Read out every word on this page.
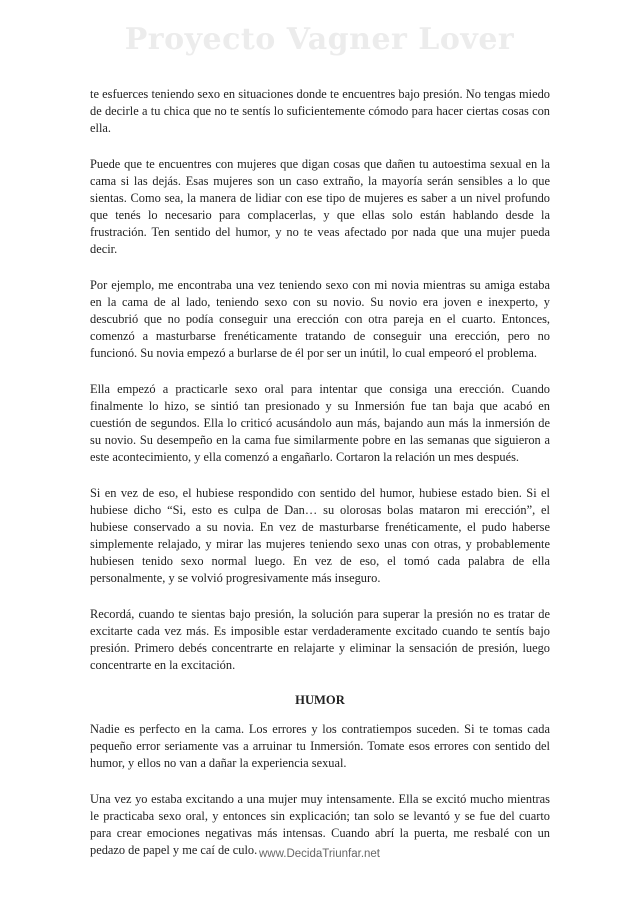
Proyecto Vagner Lover

te esfuerces teniendo sexo en situaciones donde te encuentres bajo presión. No tengas miedo de decirle a tu chica que no te sentís lo suficientemente cómodo para hacer ciertas cosas con ella.

Puede que te encuentres con mujeres que digan cosas que dañen tu autoestima sexual en la cama si las dejás. Esas mujeres son un caso extraño, la mayoría serán sensibles a lo que sientas. Como sea, la manera de lidiar con ese tipo de mujeres es saber a un nivel profundo que tenés lo necesario para complacerlas, y que ellas solo están hablando desde la frustración. Ten sentido del humor, y no te veas afectado por nada que una mujer pueda decir.

Por ejemplo, me encontraba una vez teniendo sexo con mi novia mientras su amiga estaba en la cama de al lado, teniendo sexo con su novio. Su novio era joven e inexperto, y descubrió que no podía conseguir una erección con otra pareja en el cuarto. Entonces, comenzó a masturbarse frenéticamente tratando de conseguir una erección, pero no funcionó. Su novia empezó a burlarse de él por ser un inútil, lo cual empeoró el problema.

Ella empezó a practicarle sexo oral para intentar que consiga una erección. Cuando finalmente lo hizo, se sintió tan presionado y su Inmersión fue tan baja que acabó en cuestión de segundos. Ella lo criticó acusándolo aun más, bajando aun más la inmersión de su novio. Su desempeño en la cama fue similarmente pobre en las semanas que siguieron a este acontecimiento, y ella comenzó a engañarlo. Cortaron la relación un mes después.

Si en vez de eso, el hubiese respondido con sentido del humor, hubiese estado bien. Si el hubiese dicho “Si, esto es culpa de Dan… su olorosas bolas mataron mi erección”, el hubiese conservado a su novia. En vez de masturbarse frenéticamente, el pudo haberse simplemente relajado, y mirar las mujeres teniendo sexo unas con otras, y probablemente hubiesen tenido sexo normal luego. En vez de eso, el tomó cada palabra de ella personalmente, y se volvió progresivamente más inseguro.

Recordá, cuando te sientas bajo presión, la solución para superar la presión no es tratar de excitarte cada vez más. Es imposible estar verdaderamente excitado cuando te sentís bajo presión. Primero debés concentrarte en relajarte y eliminar la sensación de presión, luego concentrarte en la excitación.

HUMOR

Nadie es perfecto en la cama. Los errores y los contratiempos suceden. Si te tomas cada pequeño error seriamente vas a arruinar tu Inmersión. Tomate esos errores con sentido del humor, y ellos no van a dañar la experiencia sexual.

Una vez yo estaba excitando a una mujer muy intensamente. Ella se excitó mucho mientras le practicaba sexo oral, y entonces sin explicación; tan solo se levantó y se fue del cuarto para crear emociones negativas más intensas. Cuando abrí la puerta, me resbalé con un pedazo de papel y me caí de culo. www.DecidaTriunfar.net
